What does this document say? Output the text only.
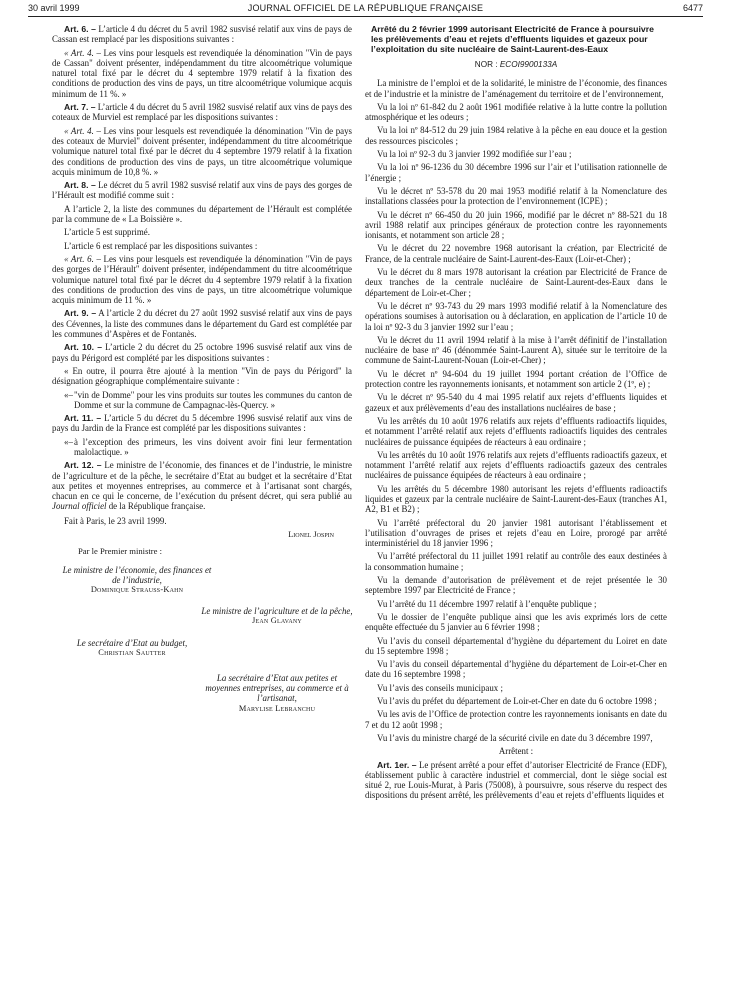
30 avril 1999	JOURNAL OFFICIEL DE LA RÉPUBLIQUE FRANÇAISE	6477

Art. 6. – L’article 4 du décret du 5 avril 1982 susvisé relatif aux vins de pays de Cassan est remplacé par les dispositions suivantes :

« Art. 4. – Les vins pour lesquels est revendiquée la dénomination "Vin de pays de Cassan" doivent présenter, indépendamment du titre alcoométrique volumique naturel total fixé par le décret du 4 septembre 1979 relatif à la fixation des conditions de production des vins de pays, un titre alcoométrique volumique acquis minimum de 11 %. »

Art. 7. – L’article 4 du décret du 5 avril 1982 susvisé relatif aux vins de pays des coteaux de Murviel est remplacé par les dispositions suivantes :

« Art. 4. – Les vins pour lesquels est revendiquée la dénomination "Vin de pays des coteaux de Murviel" doivent présenter, indépendamment du titre alcoométrique volumique naturel total fixé par le décret du 4 septembre 1979 relatif à la fixation des conditions de production des vins de pays, un titre alcoométrique volumique acquis minimum de 10,8 %. »

Art. 8. – Le décret du 5 avril 1982 susvisé relatif aux vins de pays des gorges de l’Hérault est modifié comme suit :

A l’article 2, la liste des communes du département de l’Hérault est complétée par la commune de « La Boissière ».

L’article 5 est supprimé.

L’article 6 est remplacé par les dispositions suivantes :

« Art. 6. – Les vins pour lesquels est revendiquée la dénomination "Vin de pays des gorges de l’Hérault" doivent présenter, indépendamment du titre alcoométrique volumique naturel total fixé par le décret du 4 septembre 1979 relatif à la fixation des conditions de production des vins de pays, un titre alcoométrique volumique acquis minimum de 11 %. »

Art. 9. – A l’article 2 du décret du 27 août 1992 susvisé relatif aux vins de pays des Cévennes, la liste des communes dans le département du Gard est complétée par les communes d’Aspères et de Fontanès.

Art. 10. – L’article 2 du décret du 25 octobre 1996 susvisé relatif aux vins de pays du Périgord est complété par les dispositions suivantes :

« En outre, il pourra être ajouté à la mention "Vin de pays du Périgord" la désignation géographique complémentaire suivante :

«–"vin de Domme" pour les vins produits sur toutes les communes du canton de Domme et sur la commune de Campagnac-lès-Quercy. »

Art. 11. – L’article 5 du décret du 5 décembre 1996 susvisé relatif aux vins de pays du Jardin de la France est complété par les dispositions suivantes :

«–à l’exception des primeurs, les vins doivent avoir fini leur fermentation malolactique. »

Art. 12. – Le ministre de l’économie, des finances et de l’industrie, le ministre de l’agriculture et de la pêche, le secrétaire d’Etat au budget et la secrétaire d’Etat aux petites et moyennes entreprises, au commerce et à l’artisanat sont chargés, chacun en ce qui le concerne, de l’exécution du présent décret, qui sera publié au Journal officiel de la République française.

Fait à Paris, le 23 avril 1999.

Lionel Jospin
Par le Premier ministre :
Le ministre de l’économie, des finances et de l’industrie,
Dominique Strauss-Kahn
Le ministre de l’agriculture et de la pêche,
Jean Glavany
Le secrétaire d’Etat au budget,
Christian Sautter
La secrétaire d’Etat aux petites et moyennes entreprises, au commerce et à l’artisanat,
Marylise Lebranchu
Arrêté du 2 février 1999 autorisant Electricité de France à poursuivre les prélèvements d’eau et rejets d’effluents liquides et gazeux pour l’exploitation du site nucléaire de Saint-Laurent-des-Eaux
NOR : ECOI9900133A

La ministre de l’emploi et de la solidarité, le ministre de l’économie, des finances et de l’industrie et la ministre de l’aménagement du territoire et de l’environnement,

Vu la loi nº 61-842 du 2 août 1961 modifiée relative à la lutte contre la pollution atmosphérique et les odeurs ;

Vu la loi nº 84-512 du 29 juin 1984 relative à la pêche en eau douce et la gestion des ressources piscicoles ;

Vu la loi nº 92-3 du 3 janvier 1992 modifiée sur l’eau ;

Vu la loi nº 96-1236 du 30 décembre 1996 sur l’air et l’utilisation rationnelle de l’énergie ;

Vu le décret nº 53-578 du 20 mai 1953 modifié relatif à la Nomenclature des installations classées pour la protection de l’environnement (ICPE) ;

Vu le décret nº 66-450 du 20 juin 1966, modifié par le décret nº 88-521 du 18 avril 1988 relatif aux principes généraux de protection contre les rayonnements ionisants, et notamment son article 28 ;

Vu le décret du 22 novembre 1968 autorisant la création, par Electricité de France, de la centrale nucléaire de Saint-Laurent-des-Eaux (Loir-et-Cher) ;

Vu le décret du 8 mars 1978 autorisant la création par Electricité de France de deux tranches de la centrale nucléaire de Saint-Laurent-des-Eaux dans le département de Loir-et-Cher ;

Vu le décret nº 93-743 du 29 mars 1993 modifié relatif à la Nomenclature des opérations soumises à autorisation ou à déclaration, en application de l’article 10 de la loi nº 92-3 du 3 janvier 1992 sur l’eau ;

Vu le décret du 11 avril 1994 relatif à la mise à l’arrêt définitif de l’installation nucléaire de base nº 46 (dénommée Saint-Laurent A), située sur le territoire de la commune de Saint-Laurent-Nouan (Loir-et-Cher) ;

Vu le décret nº 94-604 du 19 juillet 1994 portant création de l’Office de protection contre les rayonnements ionisants, et notamment son article 2 (1º, e) ;

Vu le décret nº 95-540 du 4 mai 1995 relatif aux rejets d’effluents liquides et gazeux et aux prélèvements d’eau des installations nucléaires de base ;

Vu les arrêtés du 10 août 1976 relatifs aux rejets d’effluents radioactifs liquides, et notamment l’arrêté relatif aux rejets d’effluents radioactifs liquides des centrales nucléaires de puissance équipées de réacteurs à eau ordinaire ;

Vu les arrêtés du 10 août 1976 relatifs aux rejets d’effluents radioactifs gazeux, et notamment l’arrêté relatif aux rejets d’effluents radioactifs gazeux des centrales nucléaires de puissance équipées de réacteurs à eau ordinaire ;

Vu les arrêtés du 5 décembre 1980 autorisant les rejets d’effluents radioactifs liquides et gazeux par la centrale nucléaire de Saint-Laurent-des-Eaux (tranches A1, A2, B1 et B2) ;

Vu l’arrêté préfectoral du 20 janvier 1981 autorisant l’établissement et l’utilisation d’ouvrages de prises et rejets d’eau en Loire, prorogé par arrêté interministériel du 18 janvier 1996 ;

Vu l’arrêté préfectoral du 11 juillet 1991 relatif au contrôle des eaux destinées à la consommation humaine ;

Vu la demande d’autorisation de prélèvement et de rejet présentée le 30 septembre 1997 par Electricité de France ;

Vu l’arrêté du 11 décembre 1997 relatif à l’enquête publique ;

Vu le dossier de l’enquête publique ainsi que les avis exprimés lors de cette enquête effectuée du 5 janvier au 6 février 1998 ;

Vu l’avis du conseil départemental d’hygiène du département du Loiret en date du 15 septembre 1998 ;

Vu l’avis du conseil départemental d’hygiène du département de Loir-et-Cher en date du 16 septembre 1998 ;

Vu l’avis des conseils municipaux ;

Vu l’avis du préfet du département de Loir-et-Cher en date du 6 octobre 1998 ;

Vu les avis de l’Office de protection contre les rayonnements ionisants en date du 7 et du 12 août 1998 ;

Vu l’avis du ministre chargé de la sécurité civile en date du 3 décembre 1997,

Arrêtent :

Art. 1er. – Le présent arrêté a pour effet d’autoriser Electricité de France (EDF), établissement public à caractère industriel et commercial, dont le siège social est situé 2, rue Louis-Murat, à Paris (75008), à poursuivre, sous réserve du respect des dispositions du présent arrêté, les prélèvements d’eau et rejets d’effluents liquides et
